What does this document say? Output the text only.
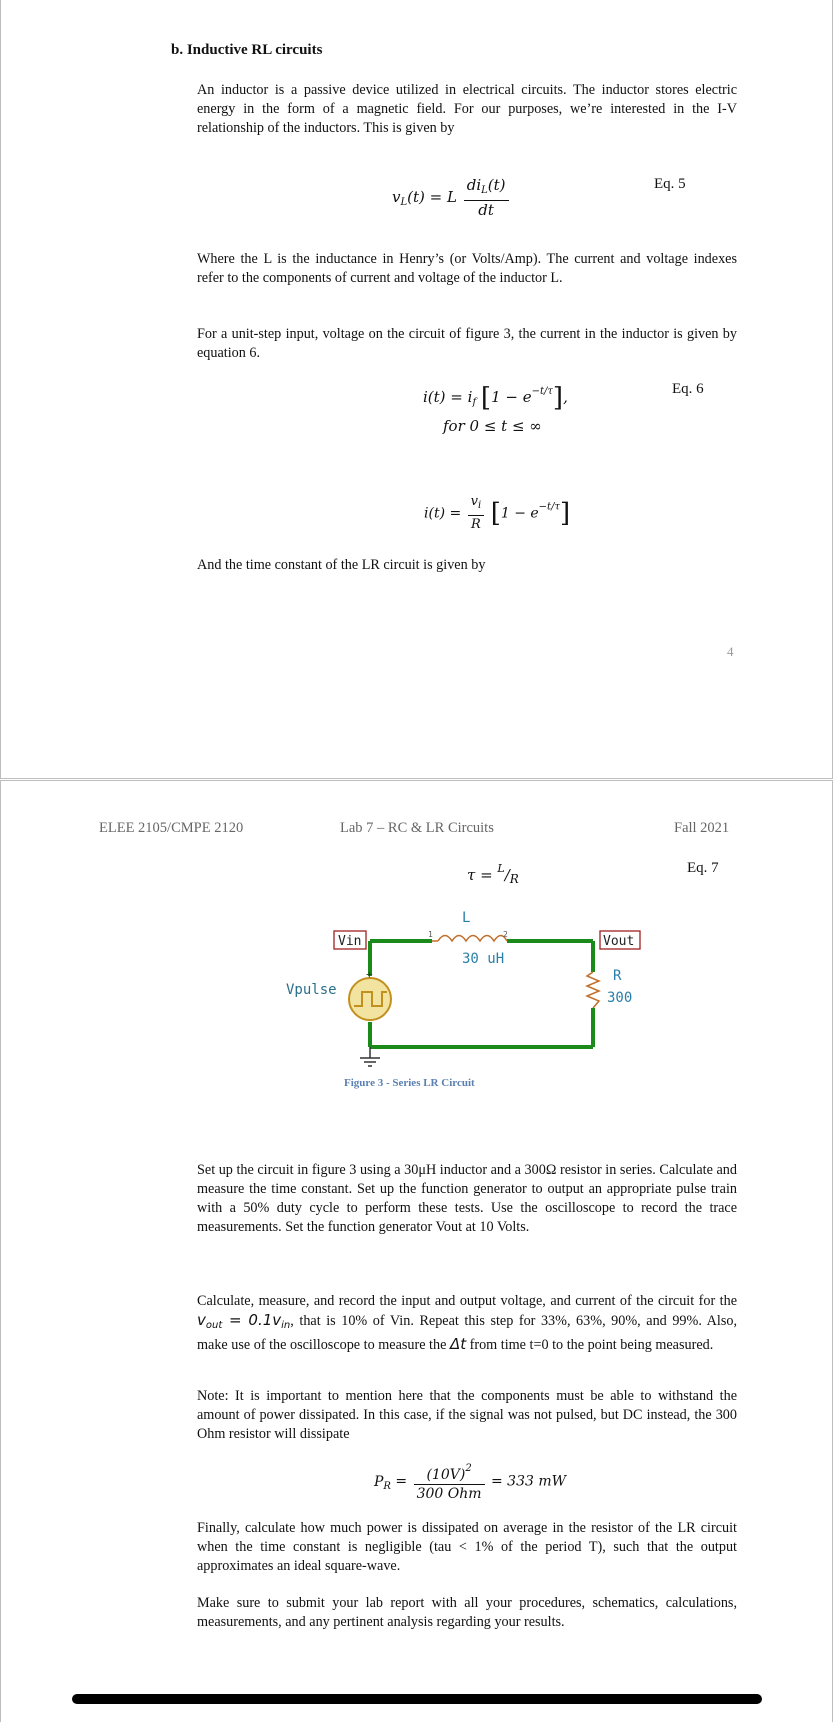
b. Inductive RL circuits
An inductor is a passive device utilized in electrical circuits. The inductor stores electric energy in the form of a magnetic field. For our purposes, we’re interested in the I-V relationship of the inductors. This is given by
$v_L(t) = L \frac{di_L(t)}{dt}$	Eq. 5
Where the L is the inductance in Henry’s (or Volts/Amp). The current and voltage indexes refer to the components of current and voltage of the inductor L.
For a unit-step input, voltage on the circuit of figure 3, the current in the inductor is given by equation 6.
$i(t) = i_f$ $[1 - e^{-t/\tau}]$,
for 0 ≤ t ≤ ∞
Eq. 6
$i(t) = \frac{v_i}{R} [1 - e^{-t/\tau}]$
And the time constant of the LR circuit is given by
4
ELEE 2105/CMPE 2120	Lab 7 – RC & LR Circuits	Fall 2021
$\tau = ^L/_R$
Eq. 7
1	2
L
30 uH
R
300
+
Vpulse
Vin	Vout
Figure 3 - Series LR Circuit
Set up the circuit in figure 3 using a 30μH inductor and a 300Ω resistor in series. Calculate and measure the time constant. Set up the function generator to output an appropriate pulse train with a 50% duty cycle to perform these tests. Use the oscilloscope to record the trace measurements. Set the function generator Vout at 10 Volts.
Calculate, measure, and record the input and output voltage, and current of the circuit for the $v_{out} = 0.1v_{in}$, that is 10% of Vin. Repeat this step for 33%, 63%, 90%, and 99%. Also, make use of the oscilloscope to measure the Δt from time t=0 to the point being measured.
Note: It is important to mention here that the components must be able to withstand the amount of power dissipated. In this case, if the signal was not pulsed, but DC instead, the 300 Ohm resistor will dissipate
$P_R = \frac{(10V)^2}{\text{300 Ohm}} = 333$ mW
Finally, calculate how much power is dissipated on average in the resistor of the LR circuit when the time constant is negligible (tau < 1% of the period T), such that the output approximates an ideal square-wave.
Make sure to submit your lab report with all your procedures, schematics, calculations, measurements, and any pertinent analysis regarding your results.
